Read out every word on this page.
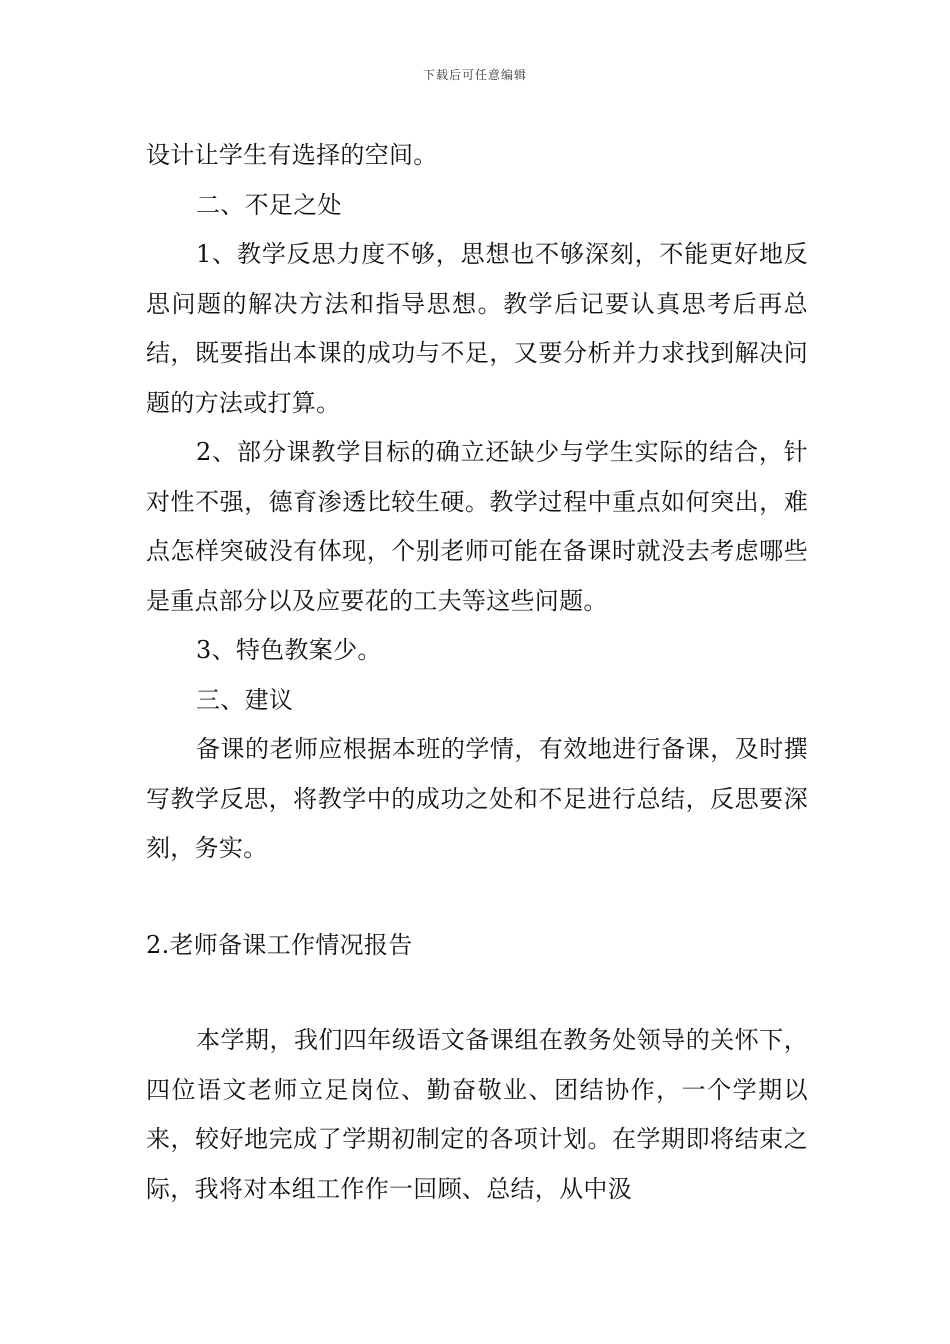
下载后可任意编辑

设计让学生有选择的空间。

二、不足之处

1、教学反思力度不够，思想也不够深刻，不能更好地反思问题的解决方法和指导思想。教学后记要认真思考后再总结，既要指出本课的成功与不足，又要分析并力求找到解决问题的方法或打算。

2、部分课教学目标的确立还缺少与学生实际的结合，针对性不强，德育渗透比较生硬。教学过程中重点如何突出，难点怎样突破没有体现，个别老师可能在备课时就没去考虑哪些是重点部分以及应要花的工夫等这些问题。

3、特色教案少。

三、建议

备课的老师应根据本班的学情，有效地进行备课，及时撰写教学反思，将教学中的成功之处和不足进行总结，反思要深刻，务实。

2.老师备课工作情况报告

本学期，我们四年级语文备课组在教务处领导的关怀下，四位语文老师立足岗位、勤奋敬业、团结协作，一个学期以来，较好地完成了学期初制定的各项计划。在学期即将结束之际，我将对本组工作作一回顾、总结，从中汲
